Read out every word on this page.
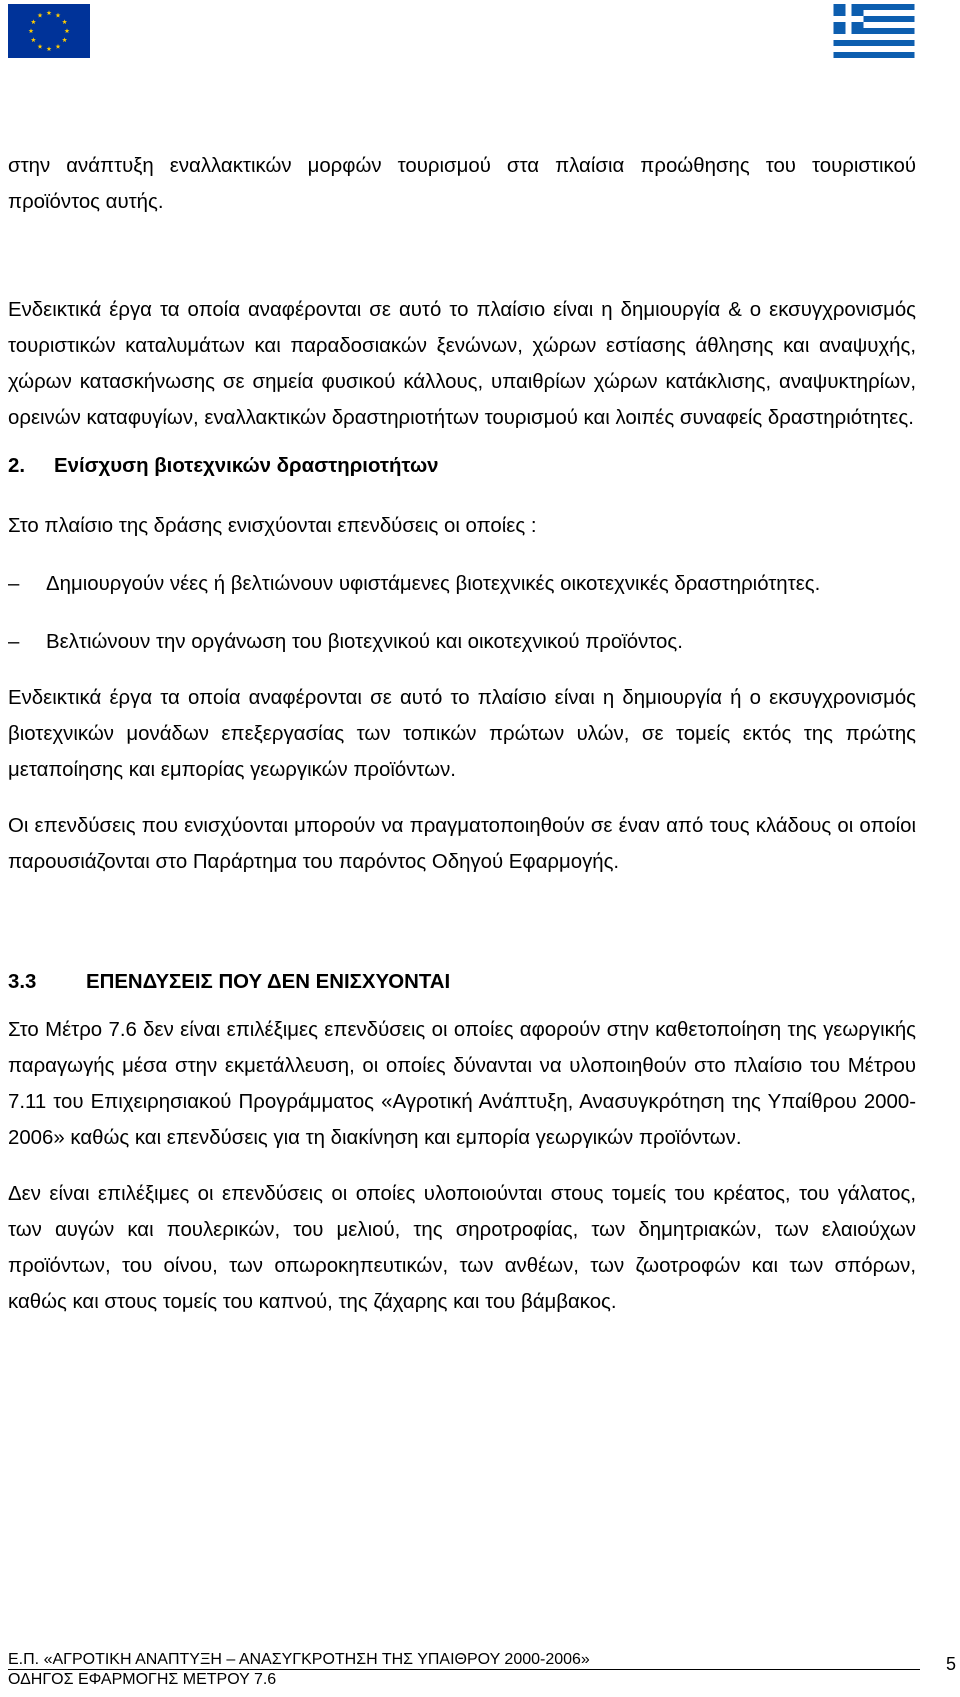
στην ανάπτυξη εναλλακτικών μορφών τουρισμού στα πλαίσια προώθησης του τουριστικού προϊόντος αυτής.

Ενδεικτικά έργα τα οποία αναφέρονται σε αυτό το πλαίσιο είναι η δημιουργία & ο εκσυγχρονισμός τουριστικών καταλυμάτων και παραδοσιακών ξενώνων, χώρων εστίασης άθλησης και αναψυχής, χώρων κατασκήνωσης σε σημεία φυσικού κάλλους, υπαιθρίων χώρων κατάκλισης, αναψυκτηρίων, ορεινών καταφυγίων, εναλλακτικών δραστηριοτήτων τουρισμού και λοιπές συναφείς δραστηριότητες.

2. Ενίσχυση βιοτεχνικών δραστηριοτήτων

Στο πλαίσιο της δράσης ενισχύονται επενδύσεις οι οποίες :

– Δημιουργούν νέες ή βελτιώνουν υφιστάμενες βιοτεχνικές οικοτεχνικές δραστηριότητες.
– Βελτιώνουν την οργάνωση του βιοτεχνικού και οικοτεχνικού προϊόντος.

Ενδεικτικά έργα τα οποία αναφέρονται σε αυτό το πλαίσιο είναι η δημιουργία ή ο εκσυγχρονισμός βιοτεχνικών μονάδων επεξεργασίας των τοπικών πρώτων υλών, σε τομείς εκτός της πρώτης μεταποίησης και εμπορίας γεωργικών προϊόντων.

Οι επενδύσεις που ενισχύονται μπορούν να πραγματοποιηθούν σε έναν από τους κλάδους οι οποίοι παρουσιάζονται στο Παράρτημα του παρόντος Οδηγού Εφαρμογής.

3.3 ΕΠΕΝΔΥΣΕΙΣ ΠΟΥ ΔΕΝ ΕΝΙΣΧΥΟΝΤΑΙ

Στο Μέτρο 7.6 δεν είναι επιλέξιμες επενδύσεις οι οποίες αφορούν στην καθετοποίηση της γεωργικής παραγωγής μέσα στην εκμετάλλευση, οι οποίες δύνανται να υλοποιηθούν στο πλαίσιο του Μέτρου 7.11 του Επιχειρησιακού Προγράμματος «Αγροτική Ανάπτυξη, Ανασυγκρότηση της Υπαίθρου 2000-2006» καθώς και επενδύσεις για τη διακίνηση και εμπορία γεωργικών προϊόντων.

Δεν είναι επιλέξιμες οι επενδύσεις οι οποίες υλοποιούνται στους τομείς του κρέατος, του γάλατος, των αυγών και πουλερικών, του μελιού, της σηροτροφίας, των δημητριακών, των ελαιούχων προϊόντων, του οίνου, των οπωροκηπευτικών, των ανθέων, των ζωοτροφών και των σπόρων, καθώς και στους τομείς του καπνού, της ζάχαρης και του βάμβακος.

Ε.Π. «ΑΓΡΟΤΙΚΗ ΑΝΑΠΤΥΞΗ – ΑΝΑΣΥΓΚΡΟΤΗΣΗ ΤΗΣ ΥΠΑΙΘΡΟΥ 2000-2006»
ΟΔΗΓΟΣ ΕΦΑΡΜΟΓΗΣ ΜΕΤΡΟΥ 7.6
5
